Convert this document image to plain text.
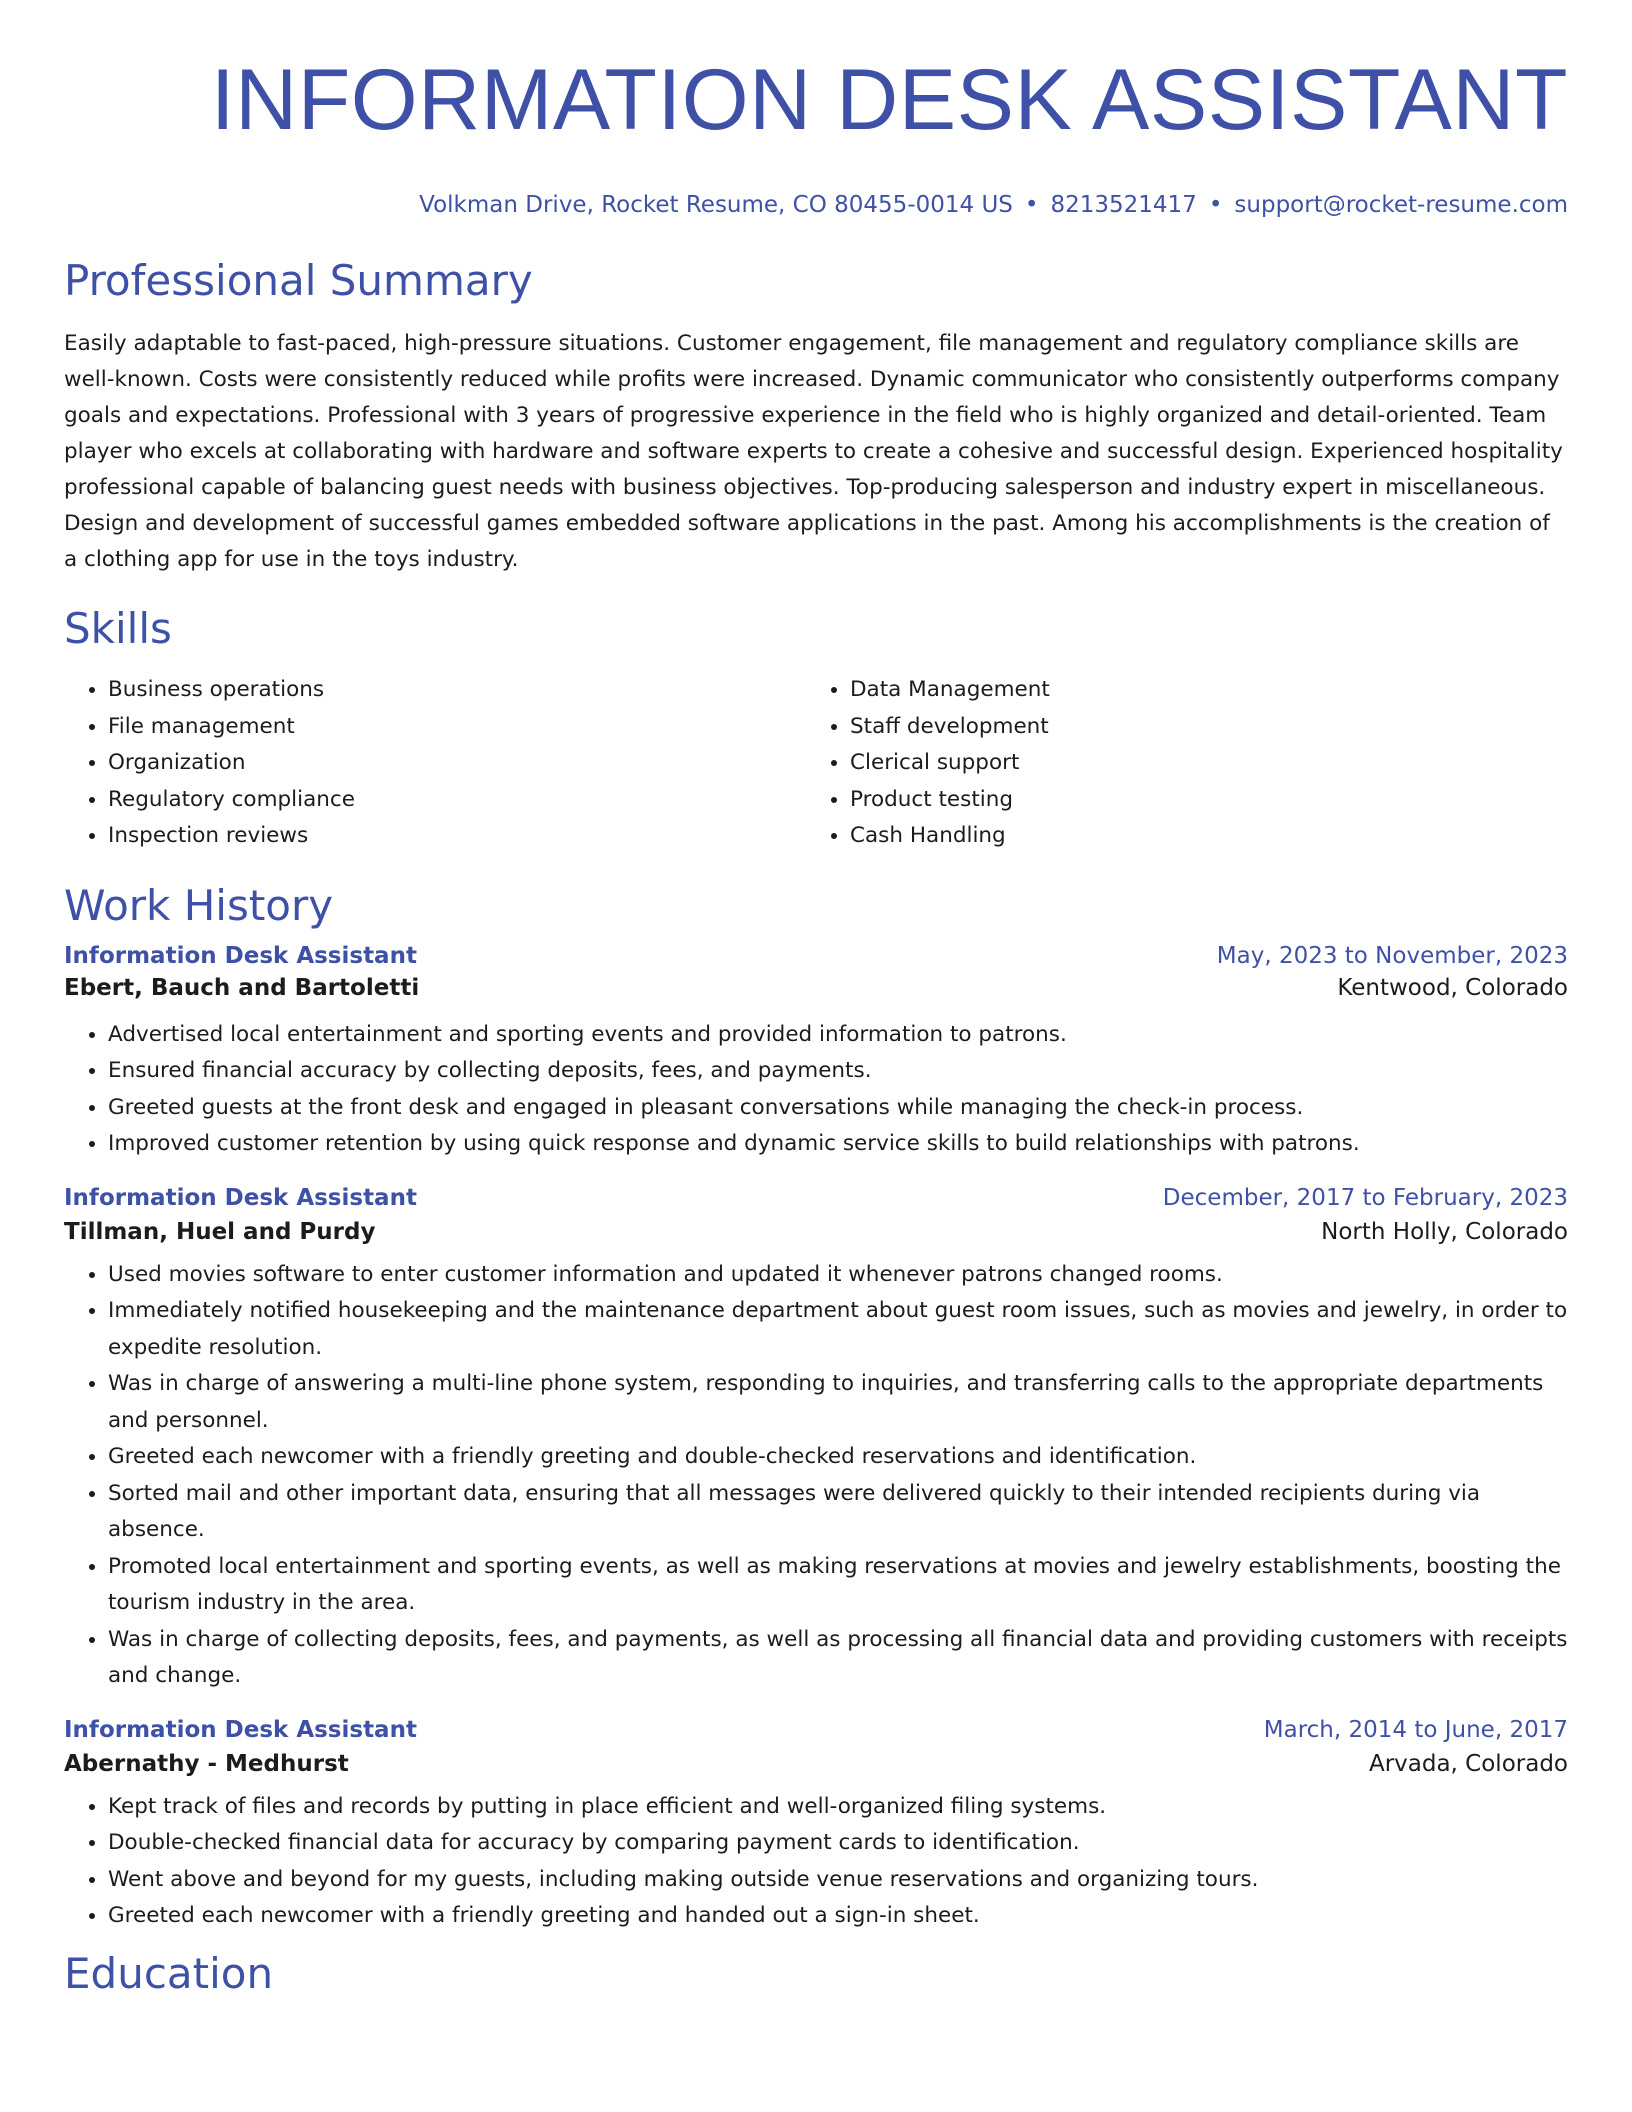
INFORMATION DESK ASSISTANT
Volkman Drive, Rocket Resume, CO 80455-0014 US • 8213521417 • support@rocket-resume.com
Professional Summary

Easily adaptable to fast-paced, high-pressure situations. Customer engagement, file management and regulatory compliance skills are well-known. Costs were consistently reduced while profits were increased. Dynamic communicator who consistently outperforms company goals and expectations. Professional with 3 years of progressive experience in the field who is highly organized and detail-oriented. Team player who excels at collaborating with hardware and software experts to create a cohesive and successful design. Experienced hospitality professional capable of balancing guest needs with business objectives. Top-producing salesperson and industry expert in miscellaneous. Design and development of successful games embedded software applications in the past. Among his accomplishments is the creation of a clothing app for use in the toys industry.

Skills
• Business operations
• File management
• Organization
• Regulatory compliance
• Inspection reviews
• Data Management
• Staff development
• Clerical support
• Product testing
• Cash Handling
Work History
Information Desk Assistant	May, 2023 to November, 2023
Ebert, Bauch and Bartoletti	Kentwood, Colorado
• Advertised local entertainment and sporting events and provided information to patrons.
• Ensured financial accuracy by collecting deposits, fees, and payments.
• Greeted guests at the front desk and engaged in pleasant conversations while managing the check-in process.
• Improved customer retention by using quick response and dynamic service skills to build relationships with patrons.
Information Desk Assistant	December, 2017 to February, 2023
Tillman, Huel and Purdy	North Holly, Colorado
• Used movies software to enter customer information and updated it whenever patrons changed rooms.
• Immediately notified housekeeping and the maintenance department about guest room issues, such as movies and jewelry, in order to expedite resolution.
• Was in charge of answering a multi-line phone system, responding to inquiries, and transferring calls to the appropriate departments and personnel.
• Greeted each newcomer with a friendly greeting and double-checked reservations and identification.
• Sorted mail and other important data, ensuring that all messages were delivered quickly to their intended recipients during via absence.
• Promoted local entertainment and sporting events, as well as making reservations at movies and jewelry establishments, boosting the tourism industry in the area.
• Was in charge of collecting deposits, fees, and payments, as well as processing all financial data and providing customers with receipts and change.
Information Desk Assistant	March, 2014 to June, 2017
Abernathy - Medhurst	Arvada, Colorado
• Kept track of files and records by putting in place efficient and well-organized filing systems.
• Double-checked financial data for accuracy by comparing payment cards to identification.
• Went above and beyond for my guests, including making outside venue reservations and organizing tours.
• Greeted each newcomer with a friendly greeting and handed out a sign-in sheet.
Education
